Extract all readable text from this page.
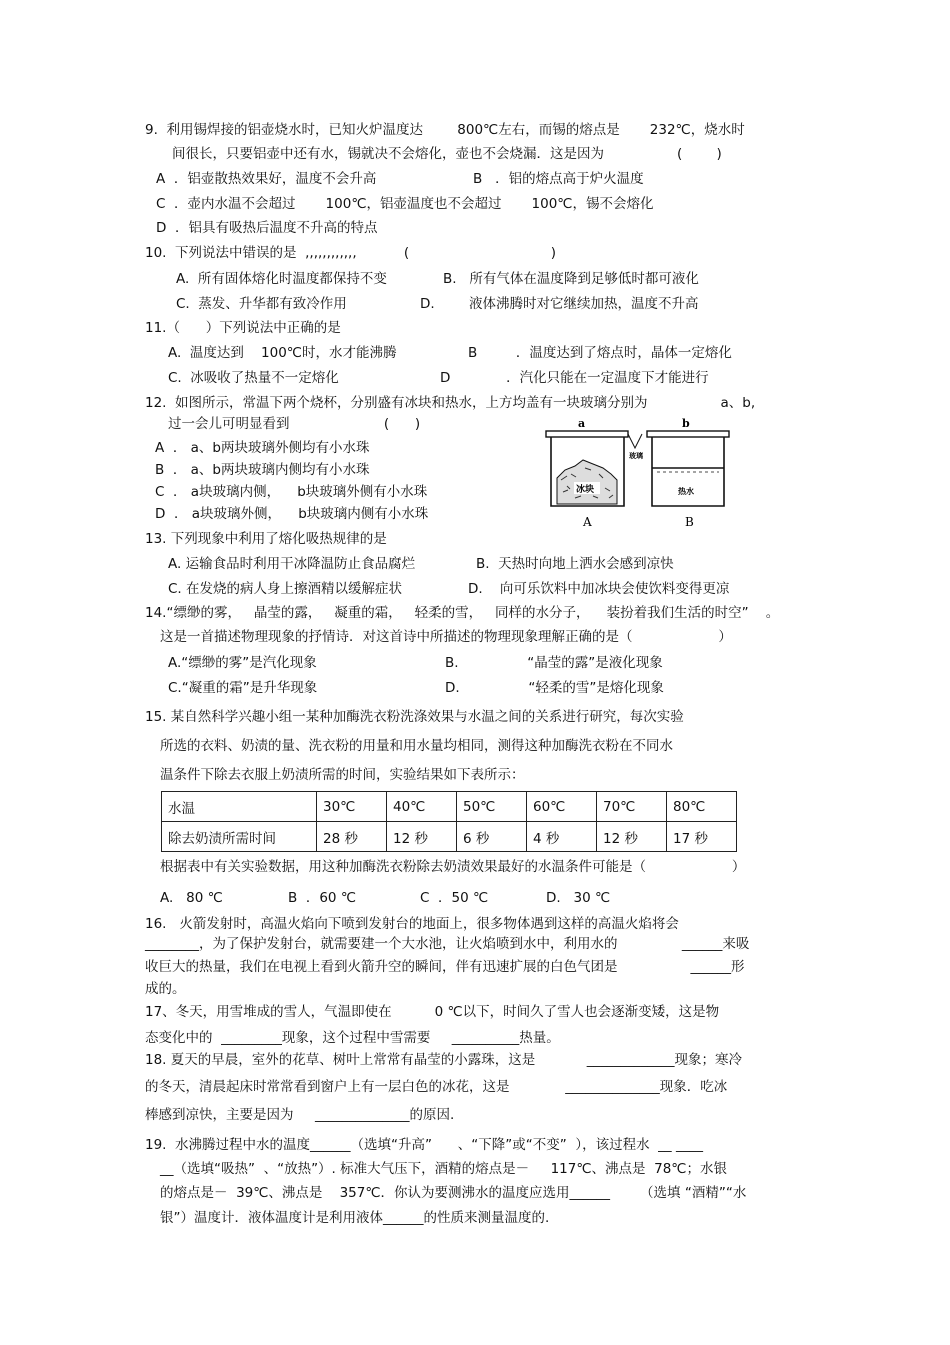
9.  利用锡焊接的铝壶烧水时，已知火炉温度达        800℃左右，而锡的熔点是       232℃，烧水时
间很长，只要铝壶中还有水，锡就决不会熔化，壶也不会烧漏．这是因为                 (        )
A  ．铝壶散热效果好，温度不会升高	B   ．铝的熔点高于炉火温度
C  ．壶内水温不会超过       100℃，铝壶温度也不会超过       100℃，锡不会熔化
D  ．铝具有吸热后温度不升高的特点
10.  下列说法中错误的是  ,,,,,,,,,,,,           (                                 )
A.  所有固体熔化时温度都保持不变	B.   所有气体在温度降到足够低时都可液化
C.  蒸发、升华都有致冷作用	D.        液体沸腾时对它继续加热，温度不升高
11.（      ）下列说法中正确的是
A.  温度达到    100℃时，水才能沸腾	B         ．温度达到了熔点时，晶体一定熔化
C.  冰吸收了热量不一定熔化	D             ．汽化只能在一定温度下才能进行
12.  如图所示，常温下两个烧杯，分别盛有冰块和热水，上方均盖有一块玻璃分别为                 a、b,
过一会儿可明显看到                      (      )
A  ． a、b两块玻璃外侧均有小水珠
B  ． a、b两块玻璃内侧均有小水珠
C  ． a块玻璃内侧，    b块玻璃外侧有小水珠
D  ． a块玻璃外侧，    b块玻璃内侧有小水珠
a	b
玻璃
冰块	热水
A	B
13. 下列现象中利用了熔化吸热规律的是
A. 运输食品时利用干冰降温防止食品腐烂	B.  天热时向地上洒水会感到凉快
C. 在发烧的病人身上擦酒精以缓解症状	D.    向可乐饮料中加冰块会使饮料变得更凉
14.“缥缈的雾，   晶莹的露，   凝重的霜，   轻柔的雪，   同样的水分子，    装扮着我们生活的时空”    。
这是一首描述物理现象的抒情诗．对这首诗中所描述的物理现象理解正确的是（                    ）
A.“缥缈的雾”是汽化现象	B.                “晶莹的露”是液化现象
C.“凝重的霜”是升华现象	D.                “轻柔的雪”是熔化现象
15. 某自然科学兴趣小组一某种加酶洗衣粉洗涤效果与水温之间的关系进行研究，每次实验
所选的衣料、奶渍的量、洗衣粉的用量和用水量均相同，测得这种加酶洗衣粉在不同水
温条件下除去衣服上奶渍所需的时间，实验结果如下表所示：
水温	30℃	40℃	50℃	60℃	70℃	80℃
除去奶渍所需时间	28 秒	12 秒	6 秒	4 秒	12 秒	17 秒
根据表中有关实验数据，用这种加酶洗衣粉除去奶渍效果最好的水温条件可能是（                    ）
A.   80 ℃	B  ．60 ℃	C  ．50 ℃	D.   30 ℃
16.   火箭发射时，高温火焰向下喷到发射台的地面上，很多物体遇到这样的高温火焰将会
________，为了保护发射台，就需要建一个大水池，让火焰喷到水中，利用水的               ______来吸
收巨大的热量，我们在电视上看到火箭升空的瞬间，伴有迅速扩展的白色气团是                 ______形
成的。
17、冬天，用雪堆成的雪人，气温即使在          0 ℃以下，时间久了雪人也会逐渐变矮，这是物
态变化中的  _________现象，这个过程中雪需要     __________热量。
18. 夏天的早晨，室外的花草、树叶上常常有晶莹的小露珠，这是            _____________现象；寒冷
的冬天，清晨起床时常常看到窗户上有一层白色的冰花，这是             ______________现象．吃冰
棒感到凉快，主要是因为     ______________的原因.
19.  水沸腾过程中水的温度______（选填“升高”      、“下降”或“不变”  ），该过程水  __ ____
__（选填“吸热”  、“放热”）. 标准大气压下，酒精的熔点是－     117℃、沸点是  78℃；水银
的熔点是－  39℃、沸点是    357℃．你认为要测沸水的温度应选用______       （选填 “酒精”“水
银”）温度计．液体温度计是利用液体______的性质来测量温度的.
